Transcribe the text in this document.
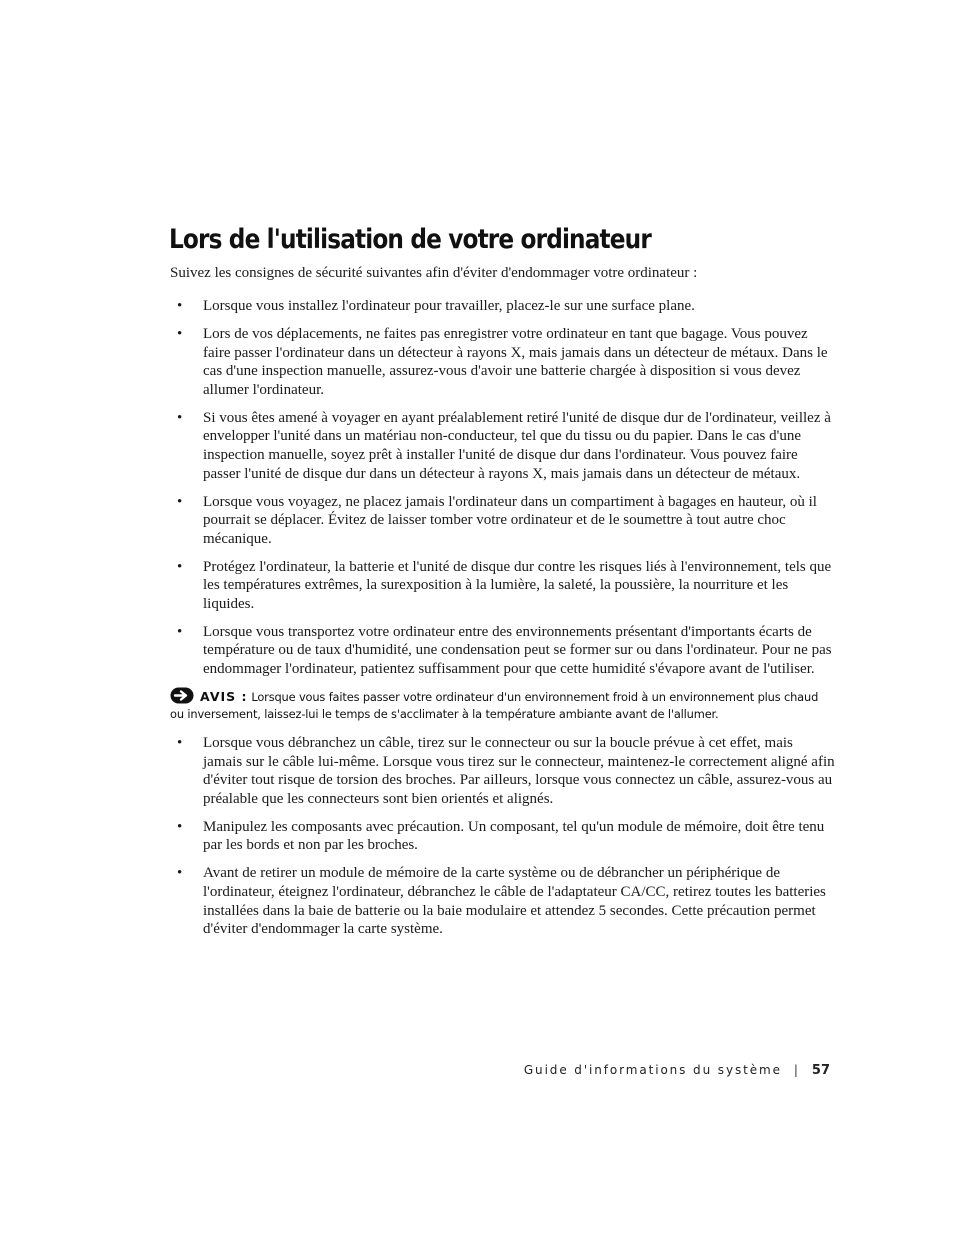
Lors de l'utilisation de votre ordinateur

Suivez les consignes de sécurité suivantes afin d'éviter d'endommager votre ordinateur :

• Lorsque vous installez l'ordinateur pour travailler, placez-le sur une surface plane.
• Lors de vos déplacements, ne faites pas enregistrer votre ordinateur en tant que bagage. Vous pouvez faire passer l'ordinateur dans un détecteur à rayons X, mais jamais dans un détecteur de métaux. Dans le cas d'une inspection manuelle, assurez-vous d'avoir une batterie chargée à disposition si vous devez allumer l'ordinateur.
• Si vous êtes amené à voyager en ayant préalablement retiré l'unité de disque dur de l'ordinateur, veillez à envelopper l'unité dans un matériau non-conducteur, tel que du tissu ou du papier. Dans le cas d'une inspection manuelle, soyez prêt à installer l'unité de disque dur dans l'ordinateur. Vous pouvez faire passer l'unité de disque dur dans un détecteur à rayons X, mais jamais dans un détecteur de métaux.
• Lorsque vous voyagez, ne placez jamais l'ordinateur dans un compartiment à bagages en hauteur, où il pourrait se déplacer. Évitez de laisser tomber votre ordinateur et de le soumettre à tout autre choc mécanique.
• Protégez l'ordinateur, la batterie et l'unité de disque dur contre les risques liés à l'environnement, tels que les températures extrêmes, la surexposition à la lumière, la saleté, la poussière, la nourriture et les liquides.
• Lorsque vous transportez votre ordinateur entre des environnements présentant d'importants écarts de température ou de taux d'humidité, une condensation peut se former sur ou dans l'ordinateur. Pour ne pas endommager l'ordinateur, patientez suffisamment pour que cette humidité s'évapore avant de l'utiliser.
AVIS : Lorsque vous faites passer votre ordinateur d'un environnement froid à un environnement plus chaud ou inversement, laissez-lui le temps de s'acclimater à la température ambiante avant de l'allumer.
• Lorsque vous débranchez un câble, tirez sur le connecteur ou sur la boucle prévue à cet effet, mais jamais sur le câble lui-même. Lorsque vous tirez sur le connecteur, maintenez-le correctement aligné afin d'éviter tout risque de torsion des broches. Par ailleurs, lorsque vous connectez un câble, assurez-vous au préalable que les connecteurs sont bien orientés et alignés.
• Manipulez les composants avec précaution. Un composant, tel qu'un module de mémoire, doit être tenu par les bords et non par les broches.
• Avant de retirer un module de mémoire de la carte système ou de débrancher un périphérique de l'ordinateur, éteignez l'ordinateur, débranchez le câble de l'adaptateur CA/CC, retirez toutes les batteries installées dans la baie de batterie ou la baie modulaire et attendez 5 secondes. Cette précaution permet d'éviter d'endommager la carte système.
Guide d'informations du système | 57
